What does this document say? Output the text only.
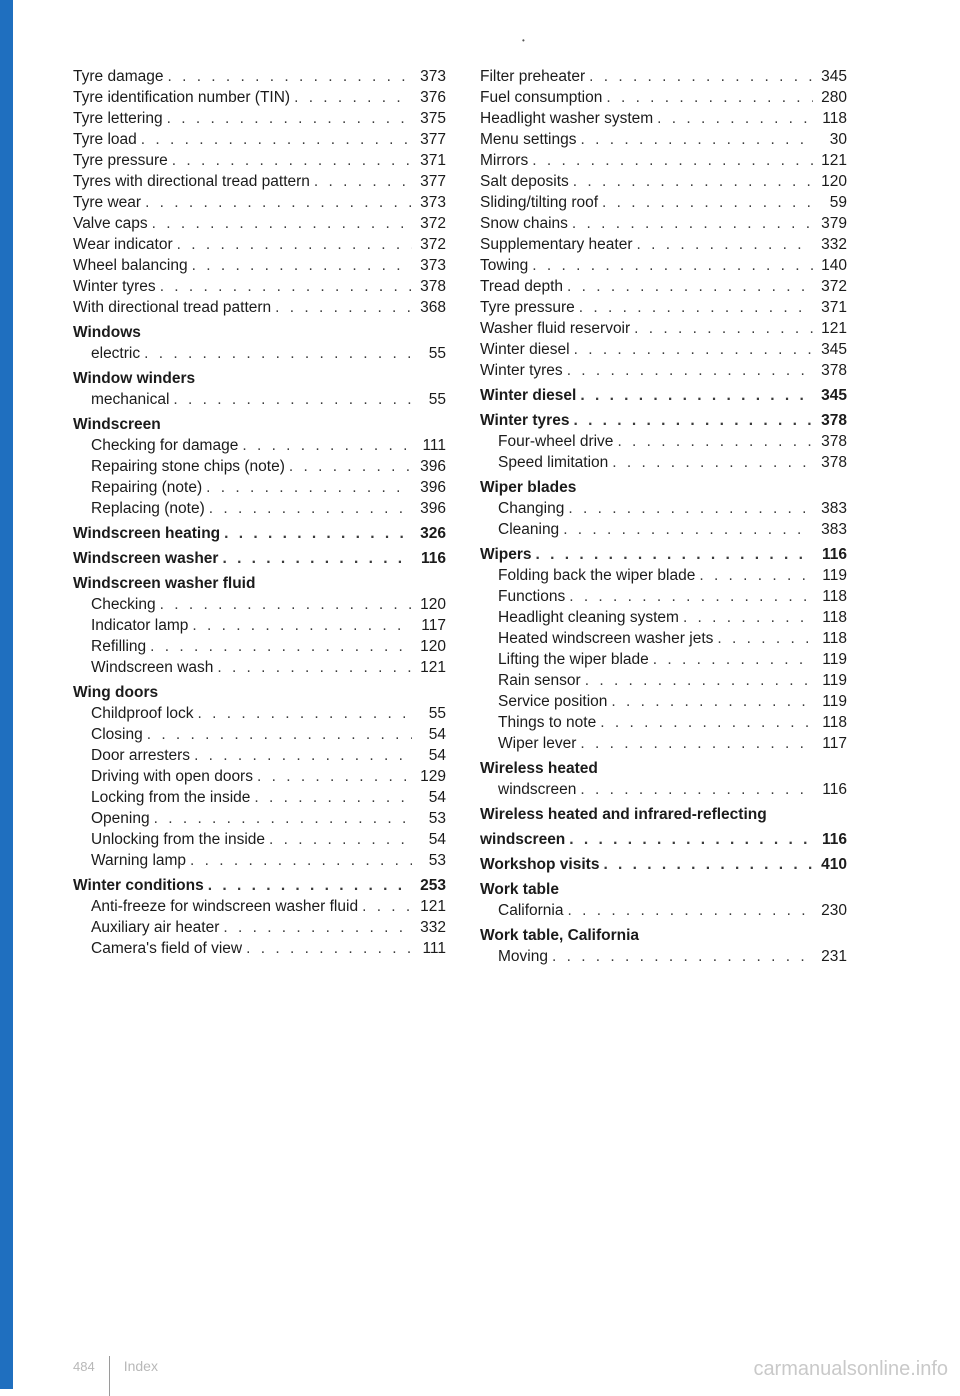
•
Tyre damage . . .	373
Tyre identification number (TIN) . . .	376
Tyre lettering . . .	375
Tyre load . . .	377
Tyre pressure . . .	371
Tyres with directional tread pattern . . .	377
Tyre wear . . .	373
Valve caps . . .	372
Wear indicator . . .	372
Wheel balancing . . .	373
Winter tyres . . .	378
With directional tread pattern . . .	368
Windows
electric . . .	55
Window winders
mechanical . . .	55
Windscreen
Checking for damage . . .	111
Repairing stone chips (note) . . .	396
Repairing (note) . . .	396
Replacing (note) . . .	396
Windscreen heating . . .	326
Windscreen washer . . .	116
Windscreen washer fluid
Checking . . .	120
Indicator lamp . . .	117
Refilling . . .	120
Windscreen wash . . .	121
Wing doors
Childproof lock . . .	55
Closing . . .	54
Door arresters . . .	54
Driving with open doors . . .	129
Locking from the inside . . .	54
Opening . . .	53
Unlocking from the inside . . .	54
Warning lamp . . .	53
Winter conditions . . .	253
Anti-freeze for windscreen washer fluid . . .	121
Auxiliary air heater . . .	332
Camera's field of view . . .	111
Filter preheater . . .	345
Fuel consumption . . .	280
Headlight washer system . . .	118
Menu settings . . .	30
Mirrors . . .	121
Salt deposits . . .	120
Sliding/tilting roof . . .	59
Snow chains . . .	379
Supplementary heater . . .	332
Towing . . .	140
Tread depth . . .	372
Tyre pressure . . .	371
Washer fluid reservoir . . .	121
Winter diesel . . .	345
Winter tyres . . .	378
Winter diesel . . .	345
Winter tyres . . .	378
Four-wheel drive . . .	378
Speed limitation . . .	378
Wiper blades
Changing . . .	383
Cleaning . . .	383
Wipers . . .	116
Folding back the wiper blade . . .	119
Functions . . .	118
Headlight cleaning system . . .	118
Heated windscreen washer jets . . .	118
Lifting the wiper blade . . .	119
Rain sensor . . .	119
Service position . . .	119
Things to note . . .	118
Wiper lever . . .	117
Wireless heated
windscreen . . .	116
Wireless heated and infrared-reflecting
windscreen . . .	116
Workshop visits . . .	410
Work table
California . . .	230
Work table, California
Moving . . .	231
484 Index	carmanualsonline.info
